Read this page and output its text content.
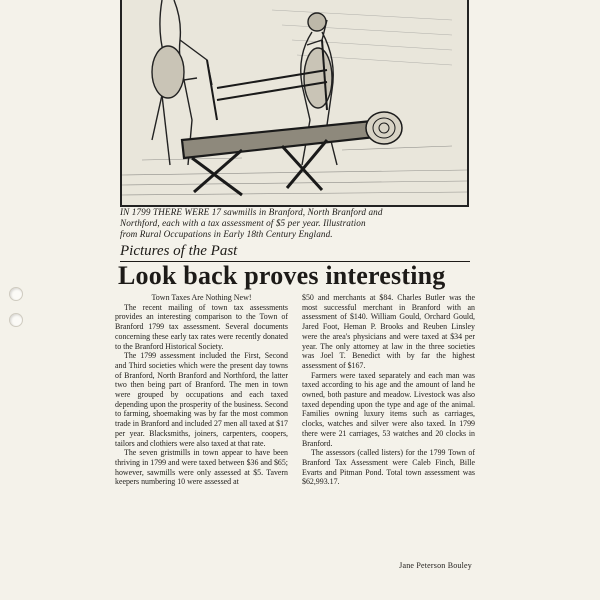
IN 1799 THERE WERE 17 sawmills in Branford, North Branford and
Northford, each with a tax assessment of $5 per year. Illustration
from Rural Occupations in Early 18th Century England.
Pictures of the Past
Look back proves interesting

Town Taxes Are Nothing New!

The recent mailing of town tax assessments provides an interesting comparison to the Town of Branford 1799 tax assessment. Several documents concerning these early tax rates were recently donated to the Branford Historical Society.

The 1799 assessment included the First, Second and Third societies which were the present day towns of Branford, North Branford and Northford, the latter two then being part of Branford. The men in town were grouped by occupations and each taxed depending upon the prosperity of the business. Second to farming, shoemaking was by far the most common trade in Branford and included 27 men all taxed at $17 per year. Blacksmiths, joiners, carpenters, coopers, tailors and clothiers were also taxed at that rate.

The seven gristmills in town appear to have been thriving in 1799 and were taxed between $36 and $65; however, sawmills were only assessed at $5. Tavern keepers numbering 10 were assessed at

$50 and merchants at $84. Charles Butler was the most successful merchant in Branford with an assessment of $140. William Gould, Orchard Gould, Jared Foot, Heman P. Brooks and Reuben Linsley were the area's physicians and were taxed at $34 per year. The only attorney at law in the three societies was Joel T. Benedict with by far the highest assessment of $167.

Farmers were taxed separately and each man was taxed according to his age and the amount of land he owned, both pasture and meadow. Livestock was also taxed depending upon the type and age of the animal. Families owning luxury items such as carriages, clocks, watches and silver were also taxed. In 1799 there were 21 carriages, 53 watches and 20 clocks in Branford.

The assessors (called listers) for the 1799 Town of Branford Tax Assessment were Caleb Finch, Bille Evarts and Pitman Pond. Total town assessment was $62,993.17.

Jane Peterson Bouley
